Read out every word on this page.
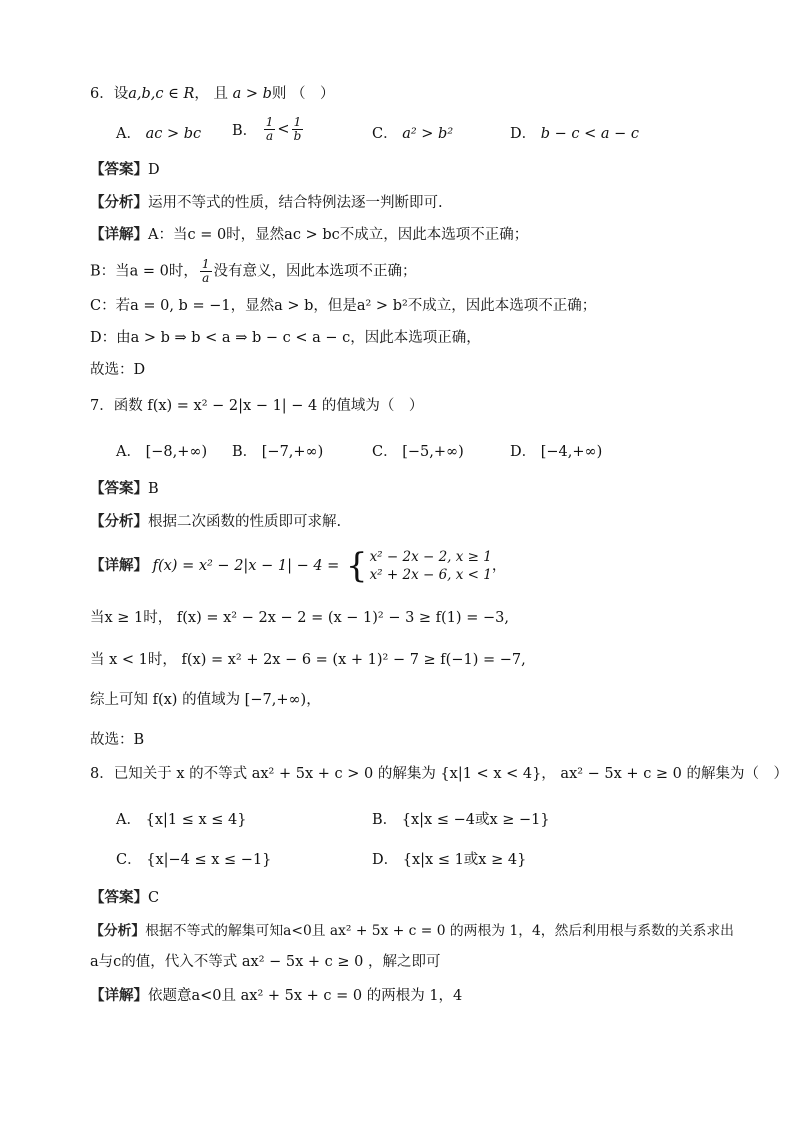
6．设a,b,c ∈ R， 且 a > b则 （　）
A． ac > bc B． $\frac{1}{a} < \frac{1}{b}$	C． a² > b²	D． b − c < a − c
【答案】D
【分析】运用不等式的性质，结合特例法逐一判断即可.
【详解】A：当c = 0时，显然ac > bc不成立，因此本选项不正确；
B：当a = 0时， $\frac{1}{a}$ 没有意义，因此本选项不正确；
C：若a = 0, b = −1，显然a > b，但是a² > b²不成立，因此本选项不正确；
D：由a > b ⇒ b < a ⇒ b − c < a − c，因此本选项正确，
故选：D
7．函数 f(x) = x² − 2|x − 1| − 4 的值域为（　）
A． [−8,+∞) B． [−7,+∞)	C． [−5,+∞)	D． [−4,+∞)
【答案】B
【分析】根据二次函数的性质即可求解.
【详解】 f(x) = x² − 2|x − 1| − 4 = { x² − 2x − 2, x ≥ 1
x² + 2x − 6, x < 1
，
当x ≥ 1时， f(x) = x² − 2x − 2 = (x − 1)² − 3 ≥ f(1) = −3,
当 x < 1时， f(x) = x² + 2x − 6 = (x + 1)² − 7 ≥ f(−1) = −7,
综上可知 f(x) 的值域为 [−7,+∞)，
故选：B
8．已知关于 x 的不等式 ax² + 5x + c > 0 的解集为 {x|1 < x < 4}， ax² − 5x + c ≥ 0 的解集为（　）
A． {x|1 ≤ x ≤ 4}	B． {x|x ≤ −4或x ≥ −1}
C． {x|−4 ≤ x ≤ −1}	D． {x|x ≤ 1或x ≥ 4}
【答案】C
【分析】根据不等式的解集可知a<0且 ax² + 5x + c = 0 的两根为 1，4，然后利用根与系数的关系求出
a与c的值，代入不等式 ax² − 5x + c ≥ 0 ，解之即可
【详解】依题意a<0且 ax² + 5x + c = 0 的两根为 1，4
